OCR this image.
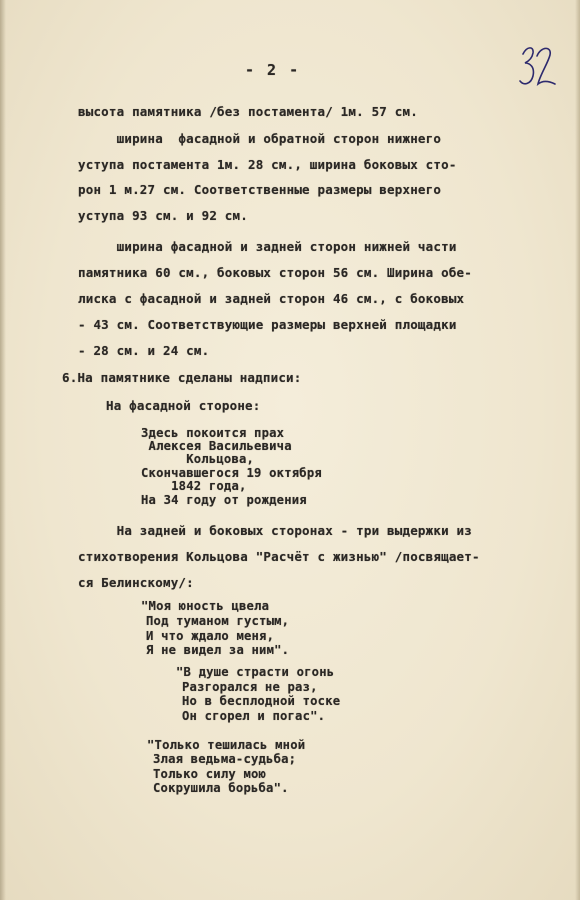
- 2 -
высота памятника /без постамента/ 1м. 57 см.
ширина  фасадной и обратной сторон нижнего
уступа постамента 1м. 28 см., ширина боковых сто-
рон 1 м.27 см. Соответственные размеры верхнего
уступа 93 см. и 92 см.
ширина фасадной и задней сторон нижней части
памятника 60 см., боковых сторон 56 см. Ширина обе-
лиска с фасадной и задней сторон 46 см., с боковых
- 43 см. Соответствующие размеры верхней площадки
- 28 см. и 24 см.
6.На памятнике сделаны надписи:
На фасадной стороне:
Здесь покоится прах
Алексея Васильевича
Кольцова,
Скончавшегося 19 октября
1842 года,
На 34 году от рождения
На задней и боковых сторонах - три выдержки из
стихотворения Кольцова "Расчёт с жизнью" /посвящает-
ся Белинскому/:
"Моя юность цвела
Под туманом густым,
И что ждало меня,
Я не видел за ним".
"В душе страсти огонь
Разгорался не раз,
Но в бесплодной тоске
Он сгорел и погас".
"Только тешилась мной
Злая ведьма-судьба;
Только силу мою
Сокрушила борьба".
